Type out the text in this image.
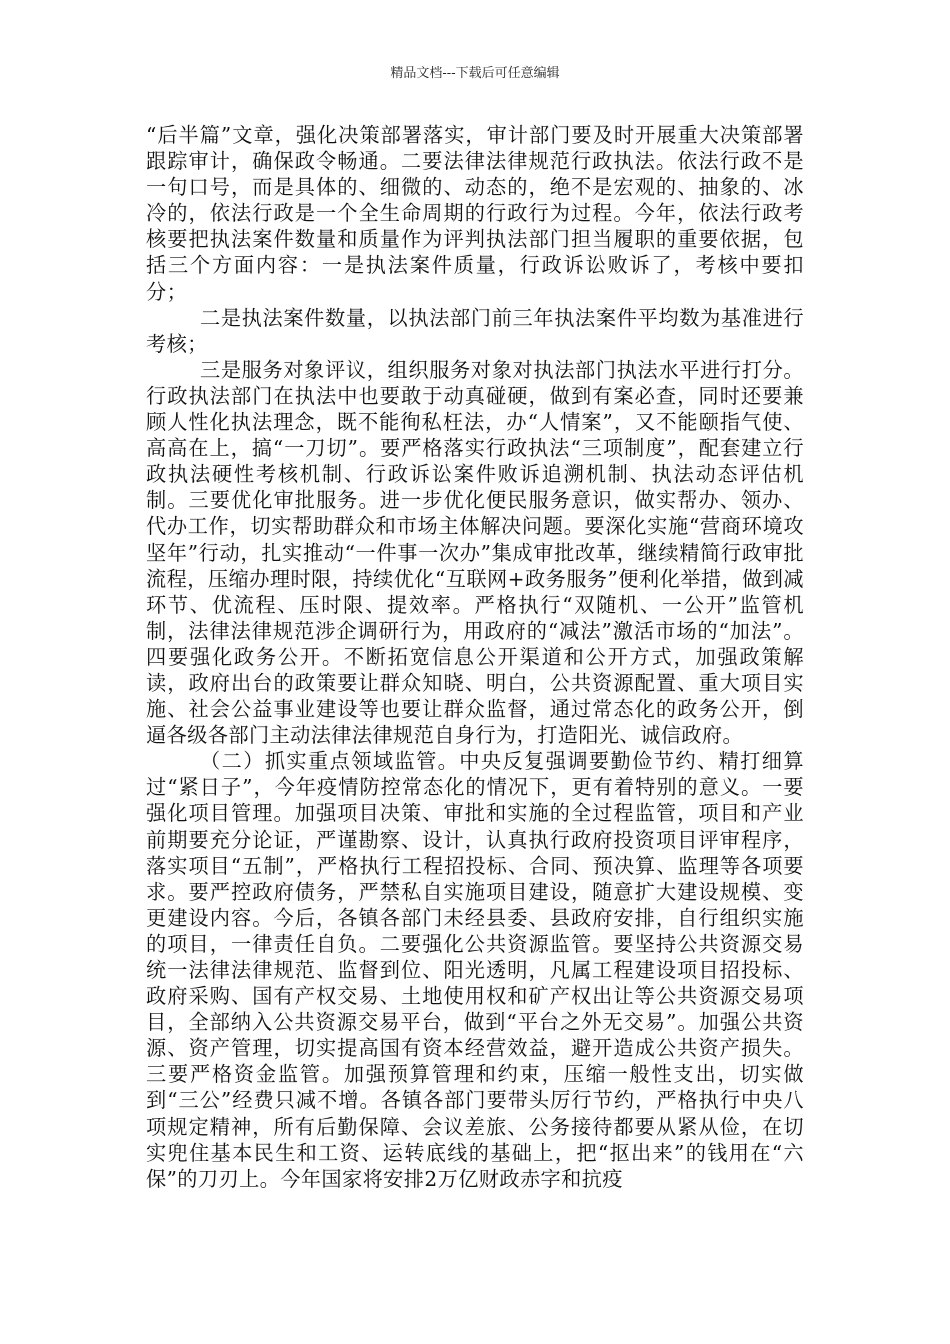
精品文档---下载后可任意编辑

“后半篇”文章，强化决策部署落实，审计部门要及时开展重大决策部署跟踪审计，确保政令畅通。二要法律法律规范行政执法。依法行政不是一句口号，而是具体的、细微的、动态的，绝不是宏观的、抽象的、冰冷的，依法行政是一个全生命周期的行政行为过程。今年，依法行政考核要把执法案件数量和质量作为评判执法部门担当履职的重要依据，包括三个方面内容：一是执法案件质量，行政诉讼败诉了，考核中要扣分；

二是执法案件数量，以执法部门前三年执法案件平均数为基准进行考核；

三是服务对象评议，组织服务对象对执法部门执法水平进行打分。行政执法部门在执法中也要敢于动真碰硬，做到有案必查，同时还要兼顾人性化执法理念，既不能徇私枉法，办“人情案”，又不能颐指气使、高高在上，搞“一刀切”。要严格落实行政执法“三项制度”，配套建立行政执法硬性考核机制、行政诉讼案件败诉追溯机制、执法动态评估机制。三要优化审批服务。进一步优化便民服务意识，做实帮办、领办、代办工作，切实帮助群众和市场主体解决问题。要深化实施“营商环境攻坚年”行动，扎实推动“一件事一次办”集成审批改革，继续精简行政审批流程，压缩办理时限，持续优化“互联网+政务服务”便利化举措，做到减环节、优流程、压时限、提效率。严格执行“双随机、一公开”监管机制，法律法律规范涉企调研行为，用政府的“减法”激活市场的“加法”。四要强化政务公开。不断拓宽信息公开渠道和公开方式，加强政策解读，政府出台的政策要让群众知晓、明白，公共资源配置、重大项目实施、社会公益事业建设等也要让群众监督，通过常态化的政务公开，倒逼各级各部门主动法律法律规范自身行为，打造阳光、诚信政府。

（二）抓实重点领域监管。中央反复强调要勤俭节约、精打细算过“紧日子”，今年疫情防控常态化的情况下，更有着特别的意义。一要强化项目管理。加强项目决策、审批和实施的全过程监管，项目和产业前期要充分论证，严谨勘察、设计，认真执行政府投资项目评审程序，落实项目“五制”，严格执行工程招投标、合同、预决算、监理等各项要求。要严控政府债务，严禁私自实施项目建设，随意扩大建设规模、变更建设内容。今后，各镇各部门未经县委、县政府安排，自行组织实施的项目，一律责任自负。二要强化公共资源监管。要坚持公共资源交易统一法律法律规范、监督到位、阳光透明，凡属工程建设项目招投标、政府采购、国有产权交易、土地使用权和矿产权出让等公共资源交易项目，全部纳入公共资源交易平台，做到“平台之外无交易”。加强公共资源、资产管理，切实提高国有资本经营效益，避开造成公共资产损失。三要严格资金监管。加强预算管理和约束，压缩一般性支出，切实做到“三公”经费只减不增。各镇各部门要带头厉行节约，严格执行中央八项规定精神，所有后勤保障、会议差旅、公务接待都要从紧从俭，在切实兜住基本民生和工资、运转底线的基础上，把“抠出来”的钱用在“六保”的刀刃上。今年国家将安排2万亿财政赤字和抗疫
